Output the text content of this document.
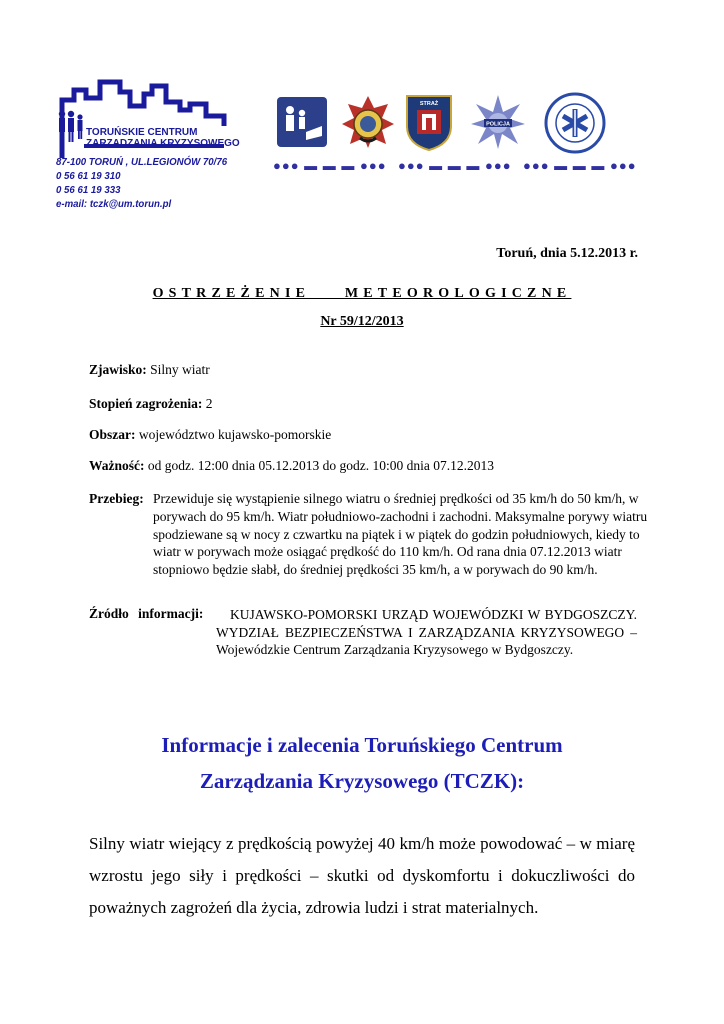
TORUŃSKIE CENTRUM
ZARZĄDZANIA KRYZYSOWEGO
87-100 TORUŃ , UL.LEGIONÓW 70/76
0 56 61 19 310
0 56 61 19 333
e-mail: tczk@um.torun.pl
STRAŻ
POLICJA
●●● ▬ ▬ ▬ ●●● ●●● ▬ ▬ ▬ ●●● ●●● ▬ ▬ ▬ ●●●
Toruń, dnia 5.12.2013 r.
OSTRZEŻENIE METEOROLOGICZNE
Nr 59/12/2013
Zjawisko: Silny wiatr
Stopień zagrożenia: 2
Obszar: województwo kujawsko-pomorskie
Ważność: od godz. 12:00 dnia 05.12.2013 do godz. 10:00 dnia 07.12.2013
Przebieg: Przewiduje się wystąpienie silnego wiatru o średniej prędkości od 35 km/h do 50 km/h, w porywach do 95 km/h. Wiatr południowo-zachodni i zachodni. Maksymalne porywy wiatru spodziewane są w nocy z czwartku na piątek i w piątek do godzin południowych, kiedy to wiatr w porywach może osiągać prędkość do 110 km/h. Od rana dnia 07.12.2013 wiatr stopniowo będzie słabł, do średniej prędkości 35 km/h, a w porywach do 90 km/h.
Źródło informacji:	KUJAWSKO-POMORSKI URZĄD WOJEWÓDZKI W BYDGOSZCZY. WYDZIAŁ BEZPIECZEŃSTWA I ZARZĄDZANIA KRYZYSOWEGO – Wojewódzkie Centrum Zarządzania Kryzysowego w Bydgoszczy.
Informacje i zalecenia Toruńskiego Centrum
Zarządzania Kryzysowego (TCZK):
Silny wiatr wiejący z prędkością powyżej 40 km/h może powodować – w miarę wzrostu jego siły i prędkości – skutki od dyskomfortu i dokuczliwości do poważnych zagrożeń dla życia, zdrowia ludzi i strat materialnych.
